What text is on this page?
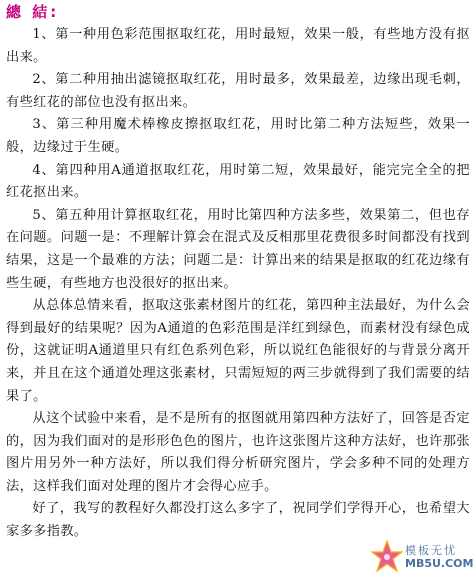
總 結:

1、第一种用色彩范围抠取红花，用时最短，效果一般，有些地方没有抠出来。

2、第二种用抽出滤镜抠取红花，用时最多，效果最差，边缘出现毛刺，有些红花的部位也没有抠出来。

3、第三种用魔术棒橡皮擦抠取红花，用时比第二种方法短些，效果一般，边缘过于生硬。

4、第四种用A通道抠取红花，用时第二短，效果最好，能完完全全的把红花抠出来。

5、第五种用计算抠取红花，用时比第四种方法多些，效果第二，但也存在问题。问题一是：不理解计算会在混式及反相那里花费很多时间都没有找到结果，这是一个最难的方法；问题二是：计算出来的结果是抠取的红花边缘有些生硬，有些地方也没很好的抠出来。

从总体总情来看，抠取这张素材图片的红花，第四种主法最好，为什么会得到最好的结果呢？因为A通道的色彩范围是洋红到绿色，而素材没有绿色成份，这就证明A通道里只有红色系列色彩，所以说红色能很好的与背景分离开来，并且在这个通道处理这张素材，只需短短的两三步就得到了我们需要的结果了。

从这个试验中来看，是不是所有的抠图就用第四种方法好了，回答是否定的，因为我们面对的是形形色色的图片，也许这张图片这种方法好，也许那张图片用另外一种方法好，所以我们得分析研究图片，学会多种不同的处理方法，这样我们面对处理的图片才会得心应手。

好了，我写的教程好久都没打这么多字了，祝同学们学得开心，也希望大家多多指教。

模板无忧
MB5U.COM
